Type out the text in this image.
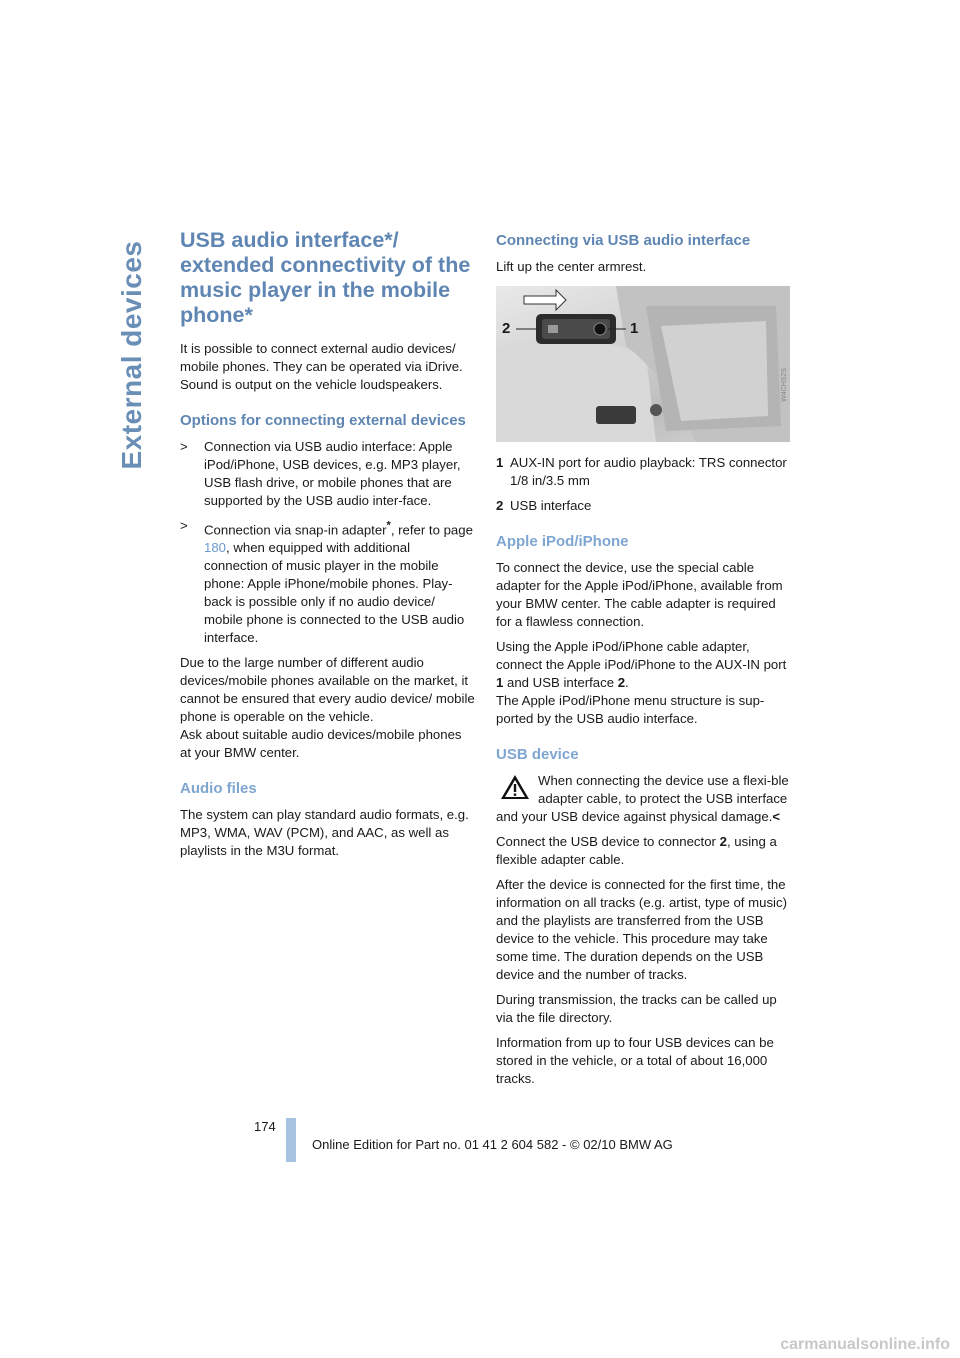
External devices
USB audio interface*/ extended connectivity of the music player in the mobile phone*

It is possible to connect external audio devices/ mobile phones. They can be operated via iDrive. Sound is output on the vehicle loudspeakers.

Options for connecting external devices
> Connection via USB audio interface: Apple iPod/iPhone, USB devices, e.g. MP3 player, USB flash drive, or mobile phones that are supported by the USB audio inter-face.
> Connection via snap-in adapter*, refer to page 180, when equipped with additional connection of music player in the mobile phone: Apple iPhone/mobile phones. Play-back is possible only if no audio device/ mobile phone is connected to the USB audio interface.

Due to the large number of different audio devices/mobile phones available on the market, it cannot be ensured that every audio device/ mobile phone is operable on the vehicle.

Ask about suitable audio devices/mobile phones at your BMW center.

Audio files

The system can play standard audio formats, e.g. MP3, WMA, WAV (PCM), and AAC, as well as playlists in the M3U format.

Connecting via USB audio interface

Lift up the center armrest.

2	1
W4CHS2S
1 AUX-IN port for audio playback: TRS connector 1/8 in/3.5 mm
2 USB interface
Apple iPod/iPhone

To connect the device, use the special cable adapter for the Apple iPod/iPhone, available from your BMW center. The cable adapter is required for a flawless connection.

Using the Apple iPod/iPhone cable adapter, connect the Apple iPod/iPhone to the AUX-IN port 1 and USB interface 2.

The Apple iPod/iPhone menu structure is sup-ported by the USB audio interface.

USB device

When connecting the device use a flexi-ble adapter cable, to protect the USB interface and your USB device against physical damage.<

Connect the USB device to connector 2, using a flexible adapter cable.

After the device is connected for the first time, the information on all tracks (e.g. artist, type of music) and the playlists are transferred from the USB device to the vehicle. This procedure may take some time. The duration depends on the USB device and the number of tracks.

During transmission, the tracks can be called up via the file directory.

Information from up to four USB devices can be stored in the vehicle, or a total of about 16,000 tracks.

174
Online Edition for Part no. 01 41 2 604 582 - © 02/10 BMW AG
carmanualsonline.info
